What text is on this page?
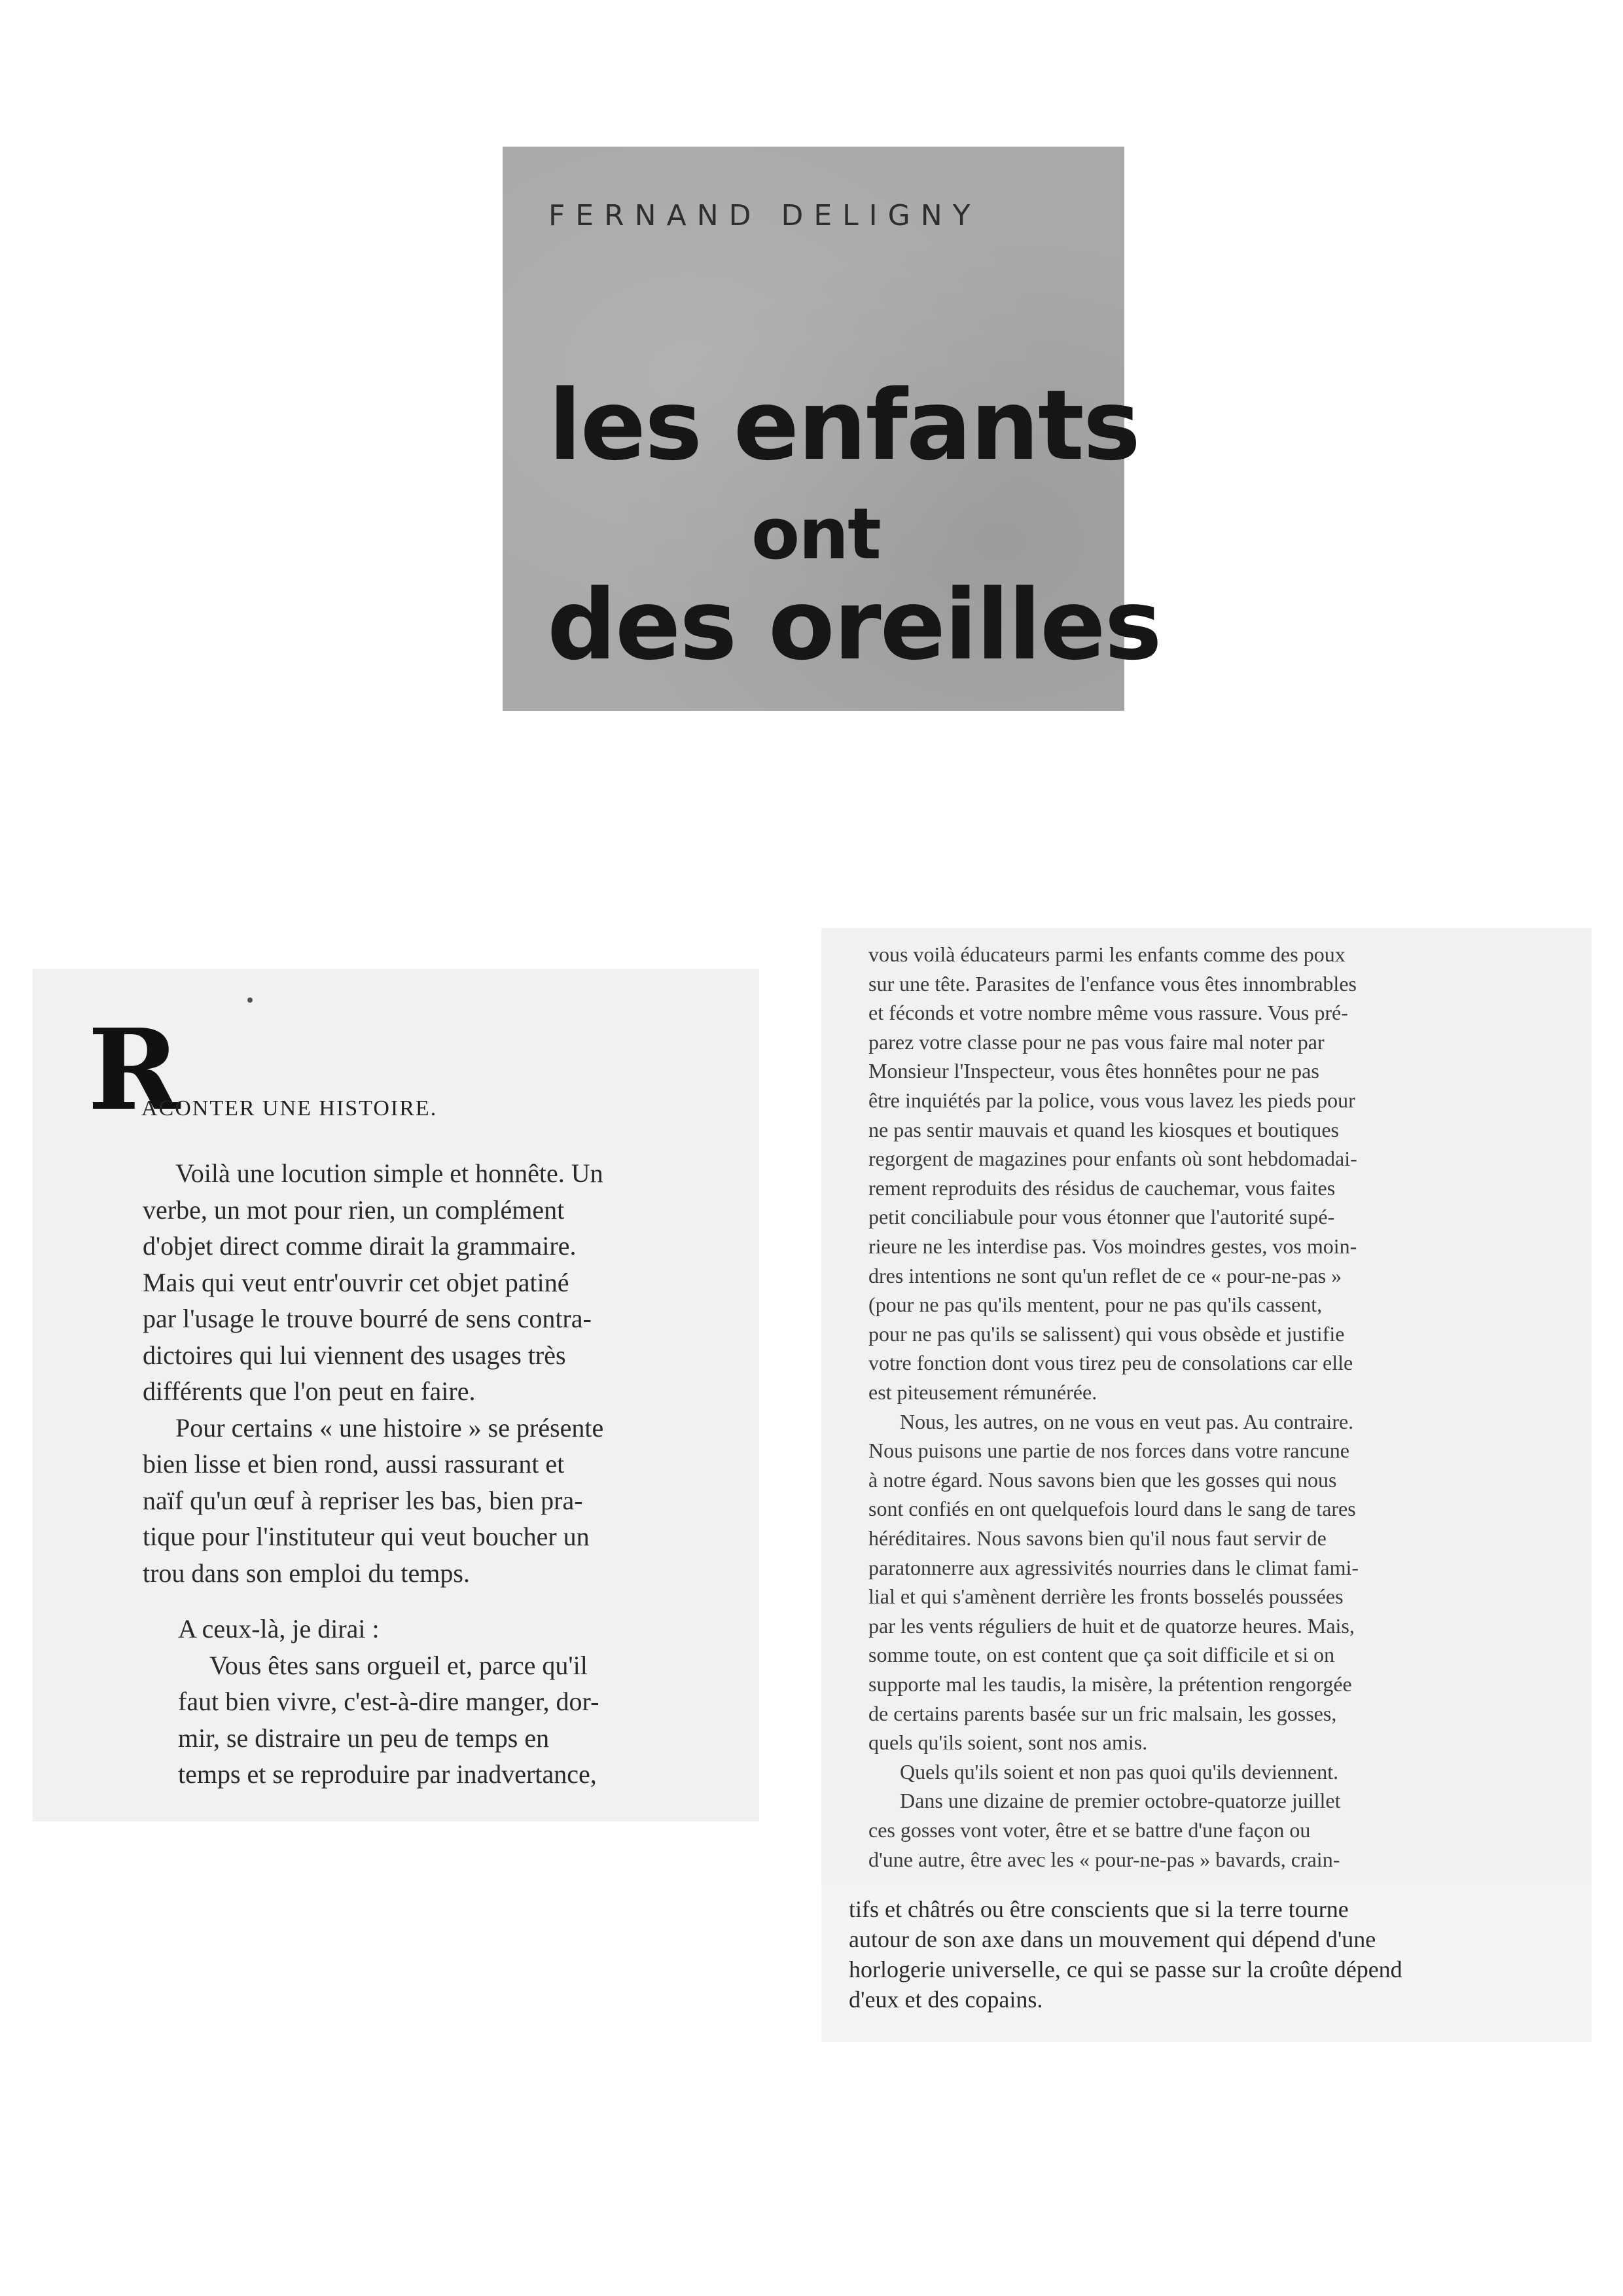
FERNAND DELIGNY
les enfants
ont
des oreilles
R
ACONTER UNE HISTOIRE.
Voilà une locution simple et honnête. Un
verbe, un mot pour rien, un complément
d'objet direct comme dirait la grammaire.
Mais qui veut entr'ouvrir cet objet patiné
par l'usage le trouve bourré de sens contra-
dictoires qui lui viennent des usages très
différents que l'on peut en faire.
Pour certains « une histoire » se présente
bien lisse et bien rond, aussi rassurant et
naïf qu'un œuf à repriser les bas, bien pra-
tique pour l'instituteur qui veut boucher un
trou dans son emploi du temps.
A ceux-là, je dirai :
Vous êtes sans orgueil et, parce qu'il
faut bien vivre, c'est-à-dire manger, dor-
mir, se distraire un peu de temps en
temps et se reproduire par inadvertance,
vous voilà éducateurs parmi les enfants comme des poux
sur une tête. Parasites de l'enfance vous êtes innombrables
et féconds et votre nombre même vous rassure. Vous pré-
parez votre classe pour ne pas vous faire mal noter par
Monsieur l'Inspecteur, vous êtes honnêtes pour ne pas
être inquiétés par la police, vous vous lavez les pieds pour
ne pas sentir mauvais et quand les kiosques et boutiques
regorgent de magazines pour enfants où sont hebdomadai-
rement reproduits des résidus de cauchemar, vous faites
petit conciliabule pour vous étonner que l'autorité supé-
rieure ne les interdise pas. Vos moindres gestes, vos moin-
dres intentions ne sont qu'un reflet de ce « pour-ne-pas »
(pour ne pas qu'ils mentent, pour ne pas qu'ils cassent,
pour ne pas qu'ils se salissent) qui vous obsède et justifie
votre fonction dont vous tirez peu de consolations car elle
est piteusement rémunérée.
Nous, les autres, on ne vous en veut pas. Au contraire.
Nous puisons une partie de nos forces dans votre rancune
à notre égard. Nous savons bien que les gosses qui nous
sont confiés en ont quelquefois lourd dans le sang de tares
héréditaires. Nous savons bien qu'il nous faut servir de
paratonnerre aux agressivités nourries dans le climat fami-
lial et qui s'amènent derrière les fronts bosselés poussées
par les vents réguliers de huit et de quatorze heures. Mais,
somme toute, on est content que ça soit difficile et si on
supporte mal les taudis, la misère, la prétention rengorgée
de certains parents basée sur un fric malsain, les gosses,
quels qu'ils soient, sont nos amis.
Quels qu'ils soient et non pas quoi qu'ils deviennent.
Dans une dizaine de premier octobre-quatorze juillet
ces gosses vont voter, être et se battre d'une façon ou
d'une autre, être avec les « pour-ne-pas » bavards, crain-
tifs et châtrés ou être conscients que si la terre tourne
autour de son axe dans un mouvement qui dépend d'une
horlogerie universelle, ce qui se passe sur la croûte dépend
d'eux et des copains.
